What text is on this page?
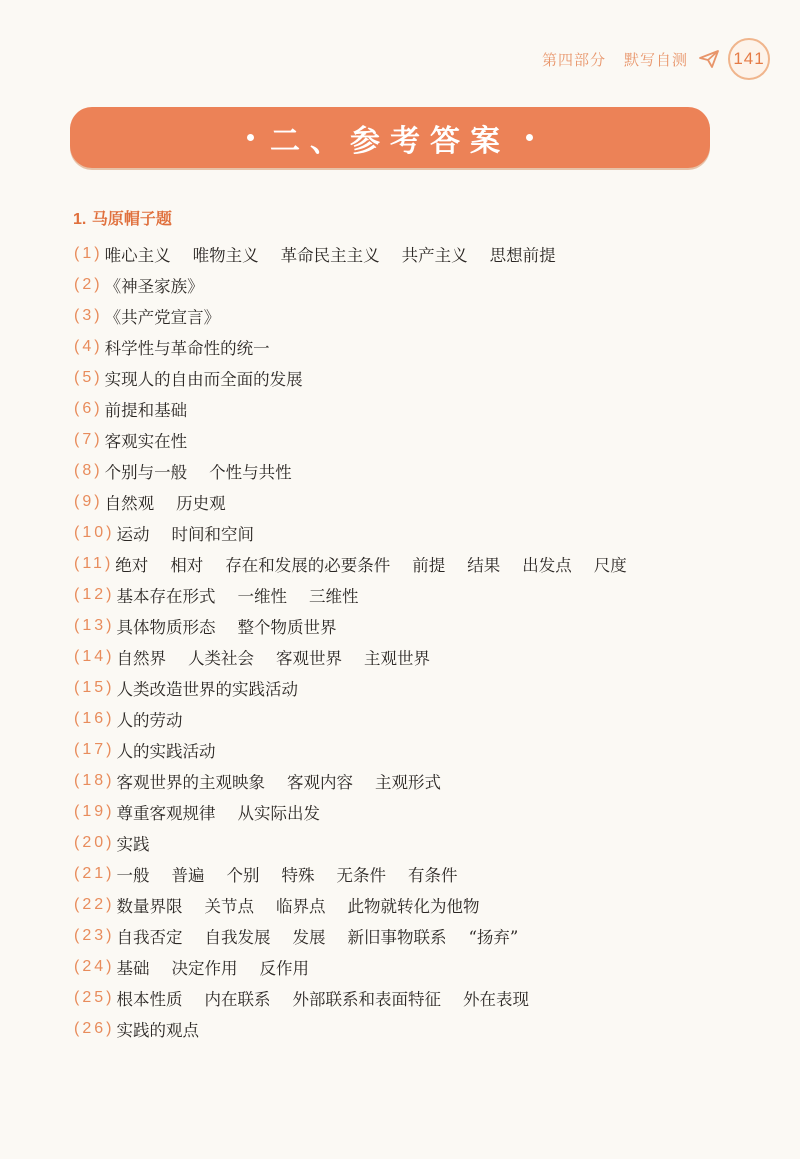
第四部分 默写自测	141
二、参考答案
1. 马原帽子题
(1) 唯心主义 唯物主义 革命民主主义 共产主义 思想前提
(2) 《神圣家族》
(3) 《共产党宣言》
(4) 科学性与革命性的统一
(5) 实现人的自由而全面的发展
(6) 前提和基础
(7) 客观实在性
(8) 个别与一般 个性与共性
(9) 自然观 历史观
(10) 运动 时间和空间
(11) 绝对 相对 存在和发展的必要条件 前提 结果 出发点 尺度
(12) 基本存在形式 一维性 三维性
(13) 具体物质形态 整个物质世界
(14) 自然界 人类社会 客观世界 主观世界
(15) 人类改造世界的实践活动
(16) 人的劳动
(17) 人的实践活动
(18) 客观世界的主观映象 客观内容 主观形式
(19) 尊重客观规律 从实际出发
(20) 实践
(21) 一般 普遍 个别 特殊 无条件 有条件
(22) 数量界限 关节点 临界点 此物就转化为他物
(23) 自我否定 自我发展 发展 新旧事物联系 “扬弃”
(24) 基础 决定作用 反作用
(25) 根本性质 内在联系 外部联系和表面特征 外在表现
(26) 实践的观点
